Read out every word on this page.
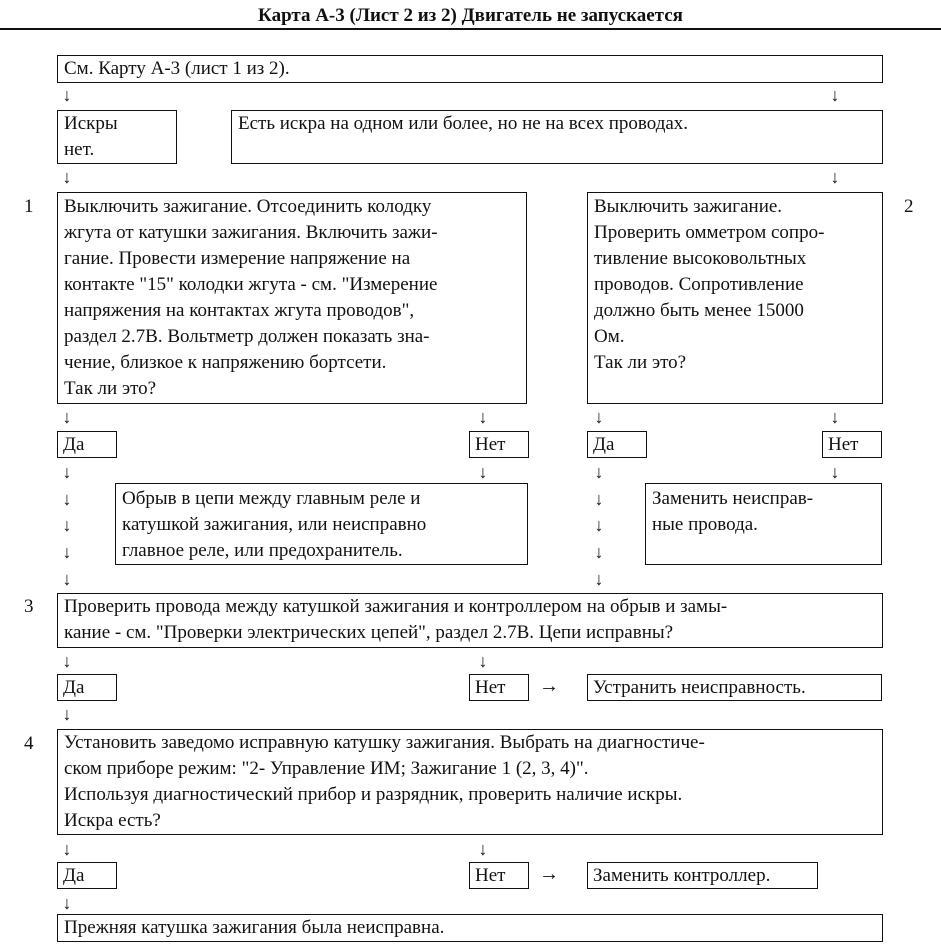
Карта А-3 (Лист 2 из 2) Двигатель не запускается
См. Карту А-3 (лист 1 из 2).
↓	↓
Искры
нет.
Есть искра на одном или более, но не на всех проводах.
↓	↓
1	2
Выключить зажигание. Отсоединить колодку
жгута от катушки зажигания. Включить зажи-
гание. Провести измерение напряжение на
контакте "15" колодки жгута - см. "Измерение
напряжения на контактах жгута проводов",
раздел 2.7В. Вольтметр должен показать зна-
чение, близкое к напряжению бортсети.
Так ли это?
Выключить зажигание.
Проверить омметром сопро-
тивление высоковольтных
проводов. Сопротивление
должно быть менее 15000
Ом.
Так ли это?
↓	↓	↓	↓
Да	Нет	Да	Нет
↓
↓
↓
↓
↓
↓	↓
↓
↓
↓
↓
↓
Обрыв в цепи между главным реле и
катушкой зажигания, или неисправно
главное реле, или предохранитель.
Заменить неисправ-
ные провода.
3	Проверить провода между катушкой зажигания и контроллером на обрыв и замы-
кание - см. "Проверки электрических цепей", раздел 2.7В. Цепи исправны?
↓	↓
Да	Нет	→	Устранить неисправность.
↓
4	Установить заведомо исправную катушку зажигания. Выбрать на диагностиче-
ском приборе режим: "2- Управление ИМ; Зажигание 1 (2, 3, 4)".
Используя диагностический прибор и разрядник, проверить наличие искры.
Искра есть?
↓	↓
Да	Нет	→	Заменить контроллер.
↓
Прежняя катушка зажигания была неисправна.
